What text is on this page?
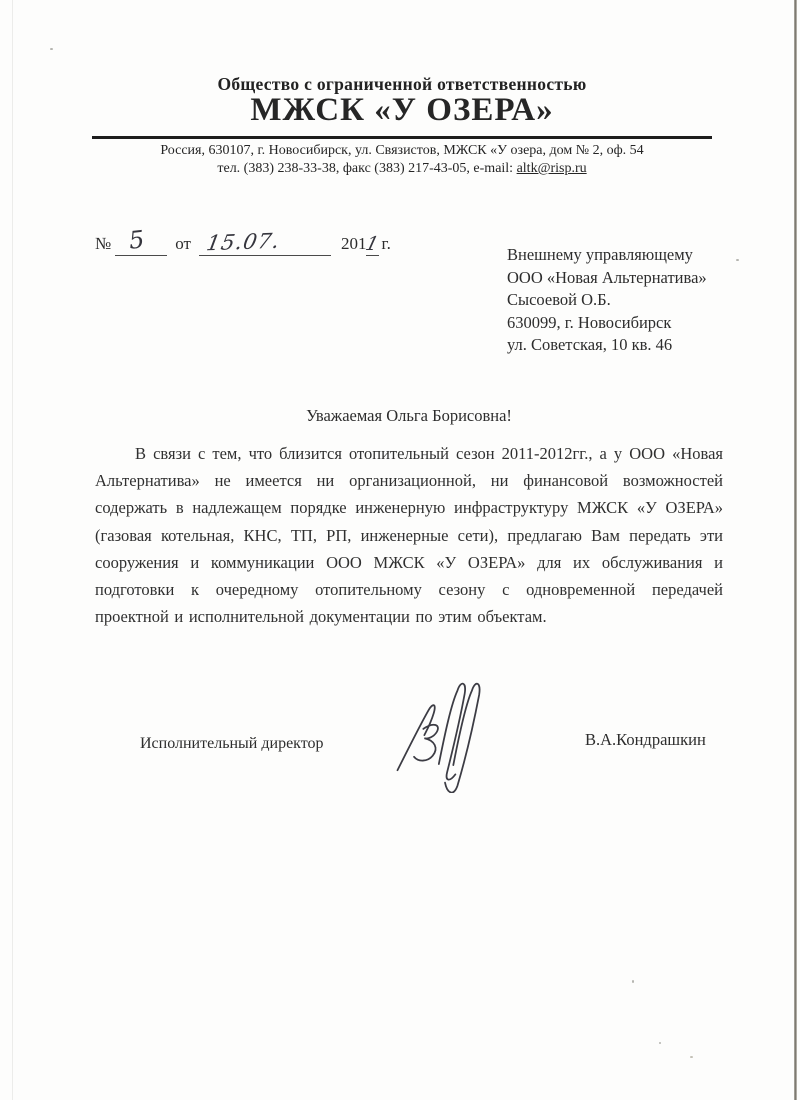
Общество с ограниченной ответственностью
МЖСК «У ОЗЕРА»
Россия, 630107, г. Новосибирск, ул. Связистов, МЖСК «У озера, дом № 2, оф. 54
тел. (383) 238-33-38, факс (383) 217-43-05, e-mail: altk@risp.ru
№ 5 от 15.07.	201
1 г.
Внешнему управляющему
ООО «Новая Альтернатива»
Сысоевой О.Б.
630099, г. Новосибирск
ул. Советская, 10 кв. 46
Уважаемая Ольга Борисовна!
В связи с тем, что близится отопительный сезон 2011-2012гг., а у ООО «Новая Альтернатива» не имеется ни организационной, ни финансовой возможностей содержать в надлежащем порядке инженерную инфраструктуру МЖСК «У ОЗЕРА» (газовая котельная, КНС, ТП, РП, инженерные сети), предлагаю Вам передать эти сооружения и коммуникации ООО МЖСК «У ОЗЕРА» для их обслуживания и подготовки к очередному отопительному сезону с одновременной передачей проектной и исполнительной документации по этим объектам.
Исполнительный директор	В.А.Кондрашкин
